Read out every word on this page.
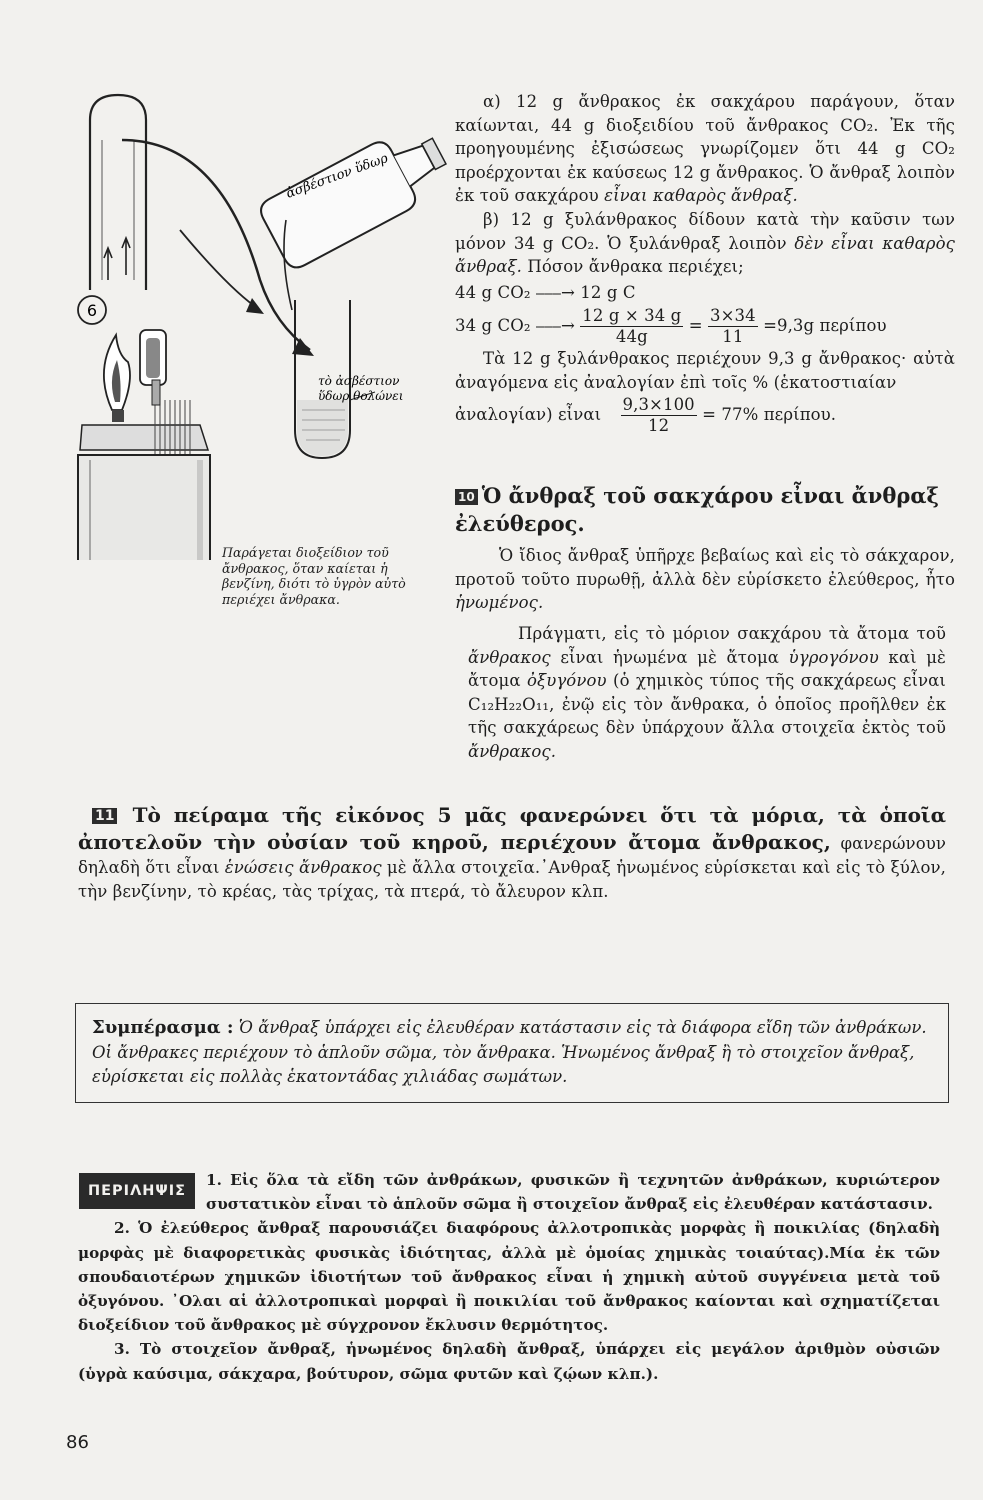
6
ἀσβέστιον ὕδωρ
τὸ ἀσβέστιον
ὕδωρ θολώνει
Παράγεται διοξείδιον τοῦ ἄνθρακος, ὅταν καίεται ἡ βενζίνη, διότι τὸ ὑγρὸν αὐτὸ περιέχει ἄνθρακα.

α) 12 g ἄνθρακος ἐκ σακχάρου παράγουν, ὅταν καίωνται, 44 g διοξειδίου τοῦ ἄνθρακος CO₂. Ἐκ τῆς προηγουμένης ἐξισώσεως γνωρίζομεν ὅτι 44 g CO₂ προέρχονται ἐκ καύσεως 12 g ἄνθρακος. Ὁ ἄνθραξ λοιπὸν ἐκ τοῦ σακχάρου εἶναι καθαρὸς ἄνθραξ.

β) 12 g ξυλάνθρακος δίδουν κατὰ τὴν καῦσιν των μόνον 34 g CO₂. Ὁ ξυλάνθραξ λοιπὸν δὲν εἶναι καθαρὸς ἄνθραξ. Πόσον ἄνθρακα περιέχει;

44 g CO₂ ⎯⎯⎯→ 12 g C

34 g CO₂ ⎯⎯⎯→ $\frac{12 g \times 34 g}{44g} = \frac{3\times 34}{11} =9,3g$ περίπου

Τὰ 12 g ξυλάνθρακος περιέχουν 9,3 g ἄνθρακος· αὐτὰ ἀναγόμενα εἰς ἀναλογίαν ἐπὶ τοῖς % (ἑκατοστιαίαν

ἀναλογίαν) εἶναι $\frac{9,3\times 100}{12} = 77\%$ περίπου.

10 Ὁ ἄνθραξ τοῦ σακχάρου εἶναι ἄνθραξ ἐλεύθερος.

Ὁ ἴδιος ἄνθραξ ὑπῆρχε βεβαίως καὶ εἰς τὸ σάκχαρον, προτοῦ τοῦτο πυρωθῇ, ἀλλὰ δὲν εὑρίσκετο ἐλεύθερος, ἦτο ἡνωμένος.

Πράγματι, εἰς τὸ μόριον σακχάρου τὰ ἄτομα τοῦ ἄνθρακος εἶναι ἡνωμένα μὲ ἄτομα ὑγρογόνου καὶ μὲ ἄτομα ὀξυγόνου (ὁ χημικὸς τύπος τῆς σακχάρεως εἶναι C₁₂H₂₂O₁₁, ἐνῷ εἰς τὸν ἄνθρακα, ὁ ὁποῖος προῆλθεν ἐκ τῆς σακχάρεως δὲν ὑπάρχουν ἄλλα στοιχεῖα ἐκτὸς τοῦ ἄνθρακος.

11 Τὸ πείραμα τῆς εἰκόνος 5 μᾶς φανερώνει ὅτι τὰ μόρια, τὰ ὁποῖα ἀποτελοῦν τὴν οὐσίαν τοῦ κηροῦ, περιέχουν ἄτομα ἄνθρακος, φανερώνουν δηλαδὴ ὅτι εἶναι ἑνώσεις ἄνθρακος μὲ ἄλλα στοιχεῖα.᾽Ανθραξ ἡνωμένος εὑρίσκεται καὶ εἰς τὸ ξύλον, τὴν βενζίνην, τὸ κρέας, τὰς τρίχας, τὰ πτερά, τὸ ἄλευρον κλπ.
Συμπέρασμα : Ὁ ἄνθραξ ὑπάρχει εἰς ἐλευθέραν κατάστασιν εἰς τὰ διάφορα εἴδη τῶν ἀνθράκων. Οἱ ἄνθρακες περιέχουν τὸ ἁπλοῦν σῶμα, τὸν ἄνθρακα. Ἡνωμένος ἄνθραξ ἢ τὸ στοιχεῖον ἄνθραξ, εὑρίσκεται εἰς πολλὰς ἑκατοντάδας χιλιάδας σωμάτων.

ΠΕΡΙΛΗΨΙΣ
1. Εἰς ὅλα τὰ εἴδη τῶν ἀνθράκων, φυσικῶν ἢ τεχνητῶν ἀνθράκων, κυριώτερον συστατικὸν εἶναι τὸ ἁπλοῦν σῶμα ἢ στοιχεῖον ἄνθραξ εἰς ἐλευθέραν κατάστασιν.

2. Ὁ ἐλεύθερος ἄνθραξ παρουσιάζει διαφόρους ἀλλοτροπικὰς μορφὰς ἢ ποικιλίας (δηλαδὴ μορφὰς μὲ διαφορετικὰς φυσικὰς ἰδιότητας, ἀλλὰ μὲ ὁμοίας χημικὰς τοιαύτας).Μία ἐκ τῶν σπουδαιοτέρων χημικῶν ἰδιοτήτων τοῦ ἄνθρακος εἶναι ἡ χημικὴ αὐτοῦ συγγένεια μετὰ τοῦ ὀξυγόνου. ᾽Ολαι αἱ ἀλλοτροπικαὶ μορφαὶ ἢ ποικιλίαι τοῦ ἄνθρακος καίονται καὶ σχηματίζεται διοξείδιον τοῦ ἄνθρακος μὲ σύγχρονον ἔκλυσιν θερμότητος.

3. Τὸ στοιχεῖον ἄνθραξ, ἡνωμένος δηλαδὴ ἄνθραξ, ὑπάρχει εἰς μεγάλον ἀριθμὸν οὐσιῶν (ὑγρὰ καύσιμα, σάκχαρα, βούτυρον, σῶμα φυτῶν καὶ ζῴων κλπ.).

86
